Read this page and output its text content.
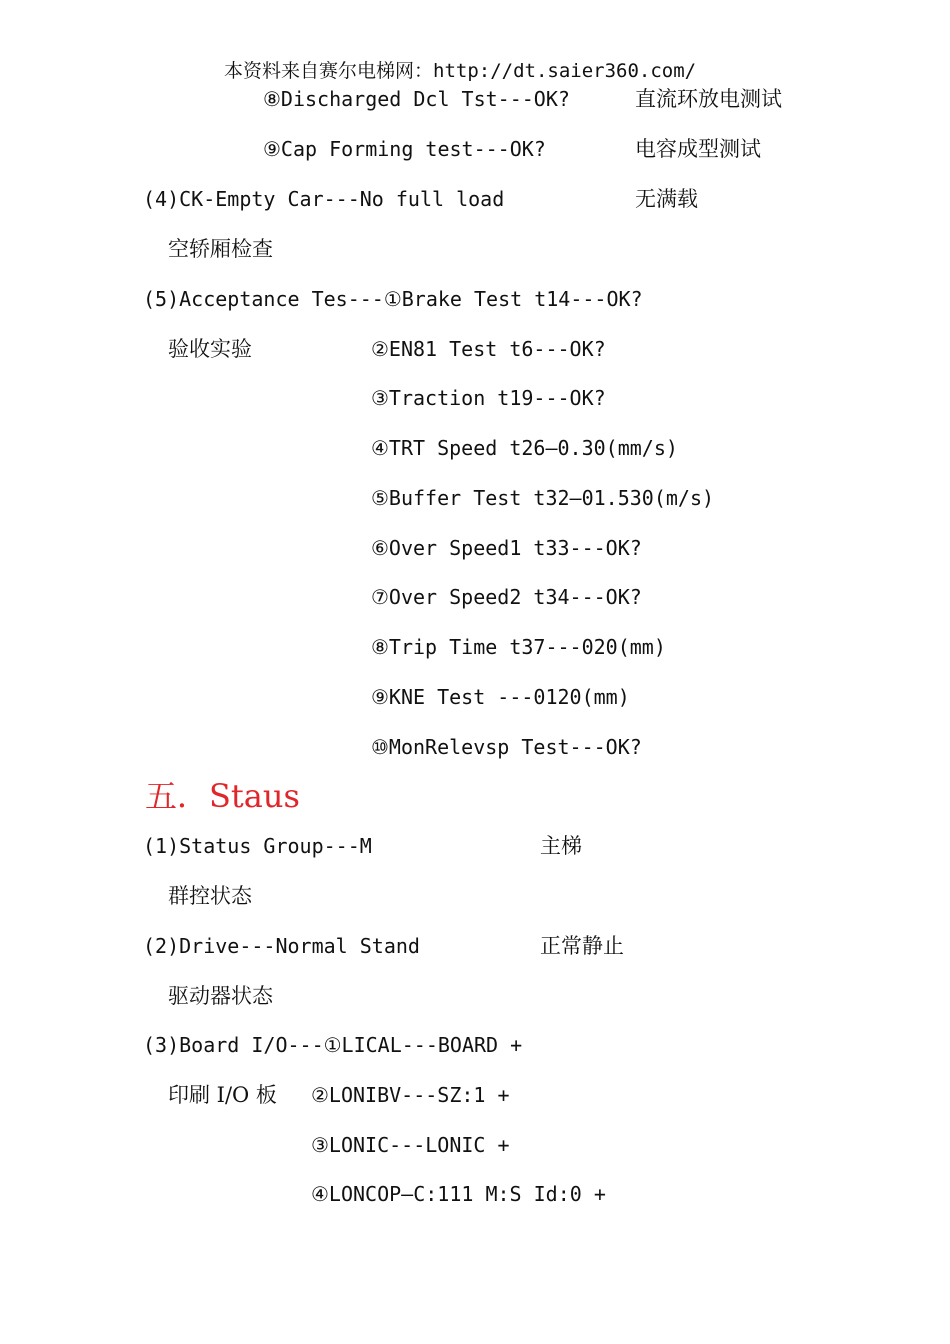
本资料来自赛尔电梯网：http://dt.saier360.com/
⑧Discharged Dcl Tst---OK?	直流环放电测试
⑨Cap Forming test---OK?	电容成型测试
(4)CK-Empty Car---No full load	无满载
空轿厢检查
(5)Acceptance Tes---①Brake Test t14---OK?
验收实验	②EN81 Test t6---OK?
③Traction t19---OK?
④TRT Speed t26—0.30(mm/s)
⑤Buffer Test t32—01.530(m/s)
⑥Over Speed1 t33---OK?
⑦Over Speed2 t34---OK?
⑧Trip Time t37---020(mm)
⑨KNE Test ---0120(mm)
⑩MonRelevsp Test---OK?
五．Staus
(1)Status Group---M	主梯
群控状态
(2)Drive---Normal Stand	正常静止
驱动器状态
(3)Board I/O---①LICAL---BOARD +
印刷 I/O 板 ②LONIBV---SZ:1 +
③LONIC---LONIC +
④LONCOP—C:111 M:S Id:0 +
